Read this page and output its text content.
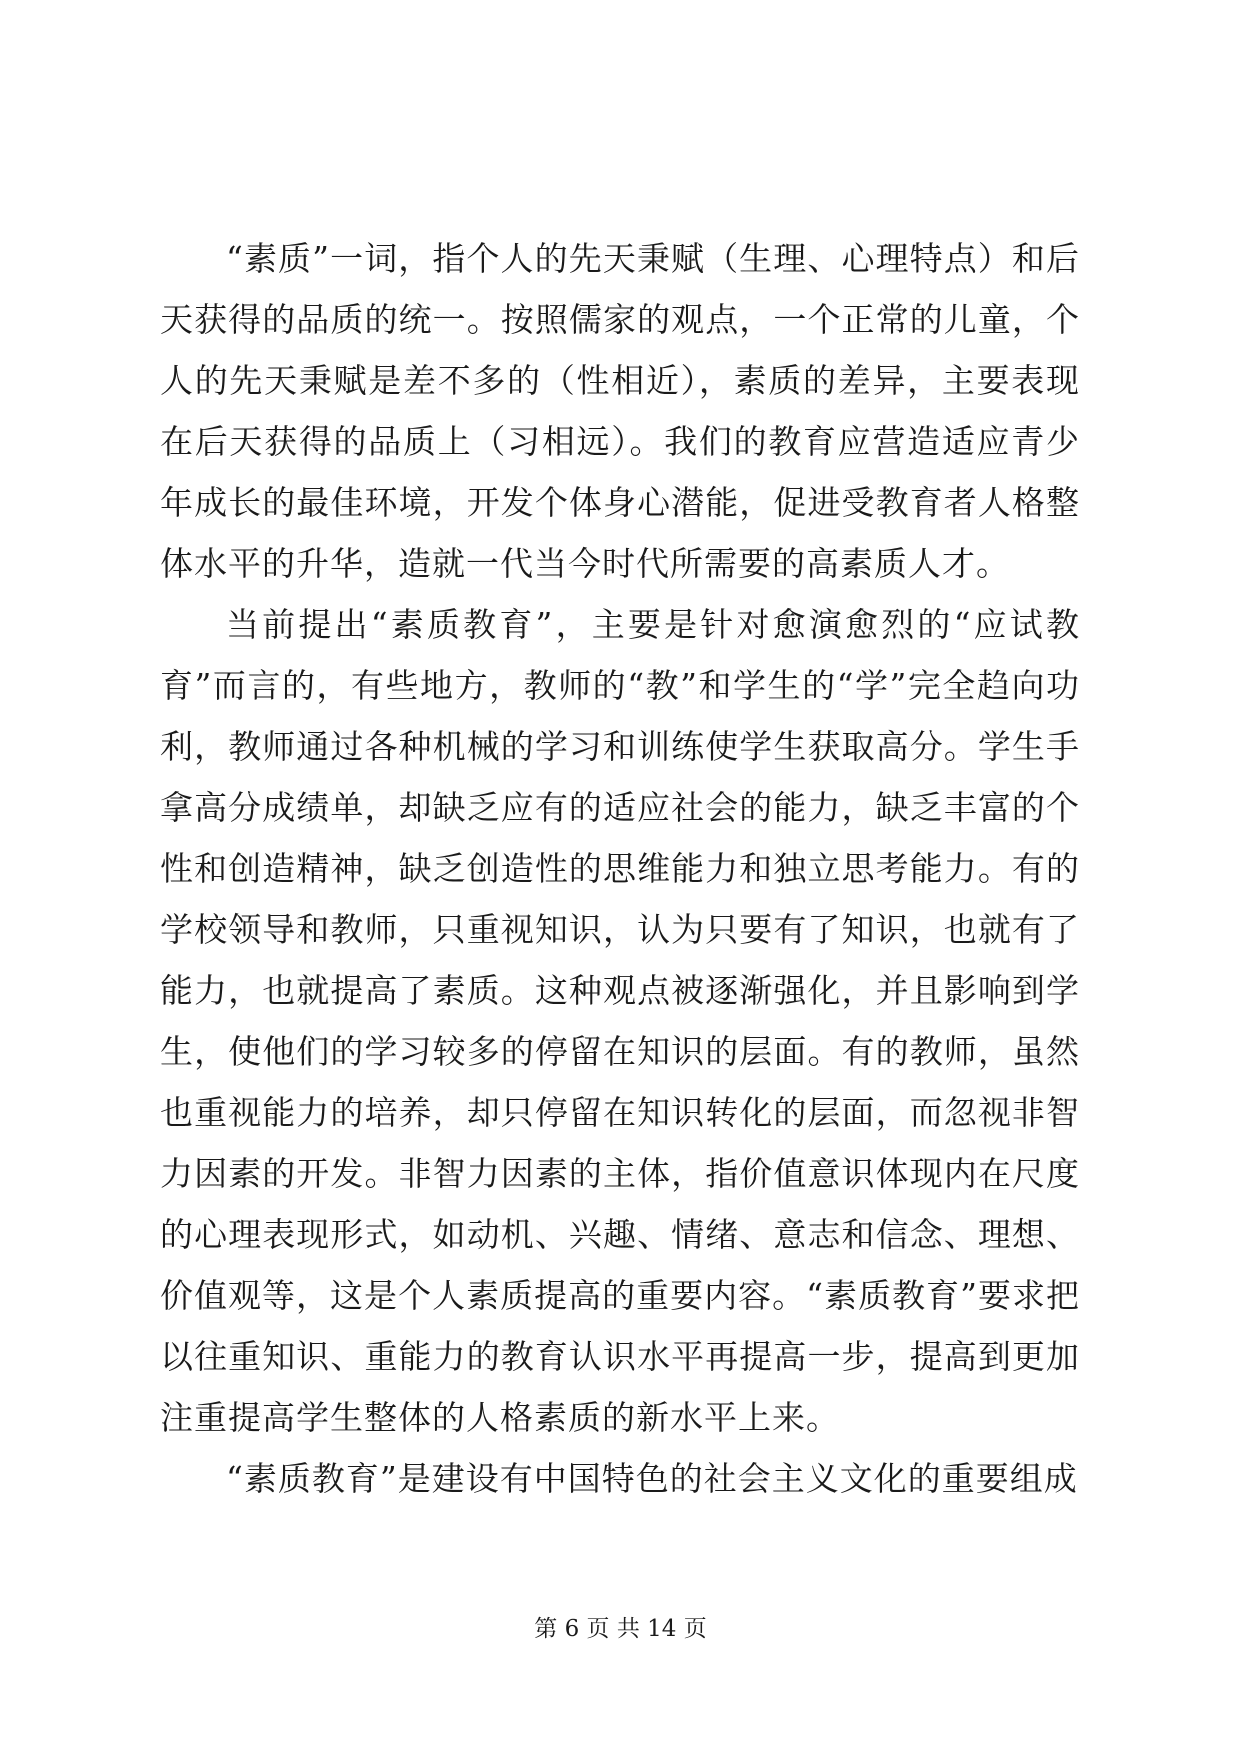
“素质”一词，指个人的先天秉赋（生理、心理特点）和后天获得的品质的统一。按照儒家的观点，一个正常的儿童，个人的先天秉赋是差不多的（性相近），素质的差异，主要表现在后天获得的品质上（习相远）。我们的教育应营造适应青少年成长的最佳环境，开发个体身心潜能，促进受教育者人格整体水平的升华，造就一代当今时代所需要的高素质人才。

当前提出“素质教育”，主要是针对愈演愈烈的“应试教育”而言的，有些地方，教师的“教”和学生的“学”完全趋向功利，教师通过各种机械的学习和训练使学生获取高分。学生手拿高分成绩单，却缺乏应有的适应社会的能力，缺乏丰富的个性和创造精神，缺乏创造性的思维能力和独立思考能力。有的学校领导和教师，只重视知识，认为只要有了知识，也就有了能力，也就提高了素质。这种观点被逐渐强化，并且影响到学生，使他们的学习较多的停留在知识的层面。有的教师，虽然也重视能力的培养，却只停留在知识转化的层面，而忽视非智力因素的开发。非智力因素的主体，指价值意识体现内在尺度的心理表现形式，如动机、兴趣、情绪、意志和信念、理想、价值观等，这是个人素质提高的重要内容。“素质教育”要求把以往重知识、重能力的教育认识水平再提高一步，提高到更加注重提高学生整体的人格素质的新水平上来。

“素质教育”是建设有中国特色的社会主义文化的重要组成

第 6 页 共 14 页
